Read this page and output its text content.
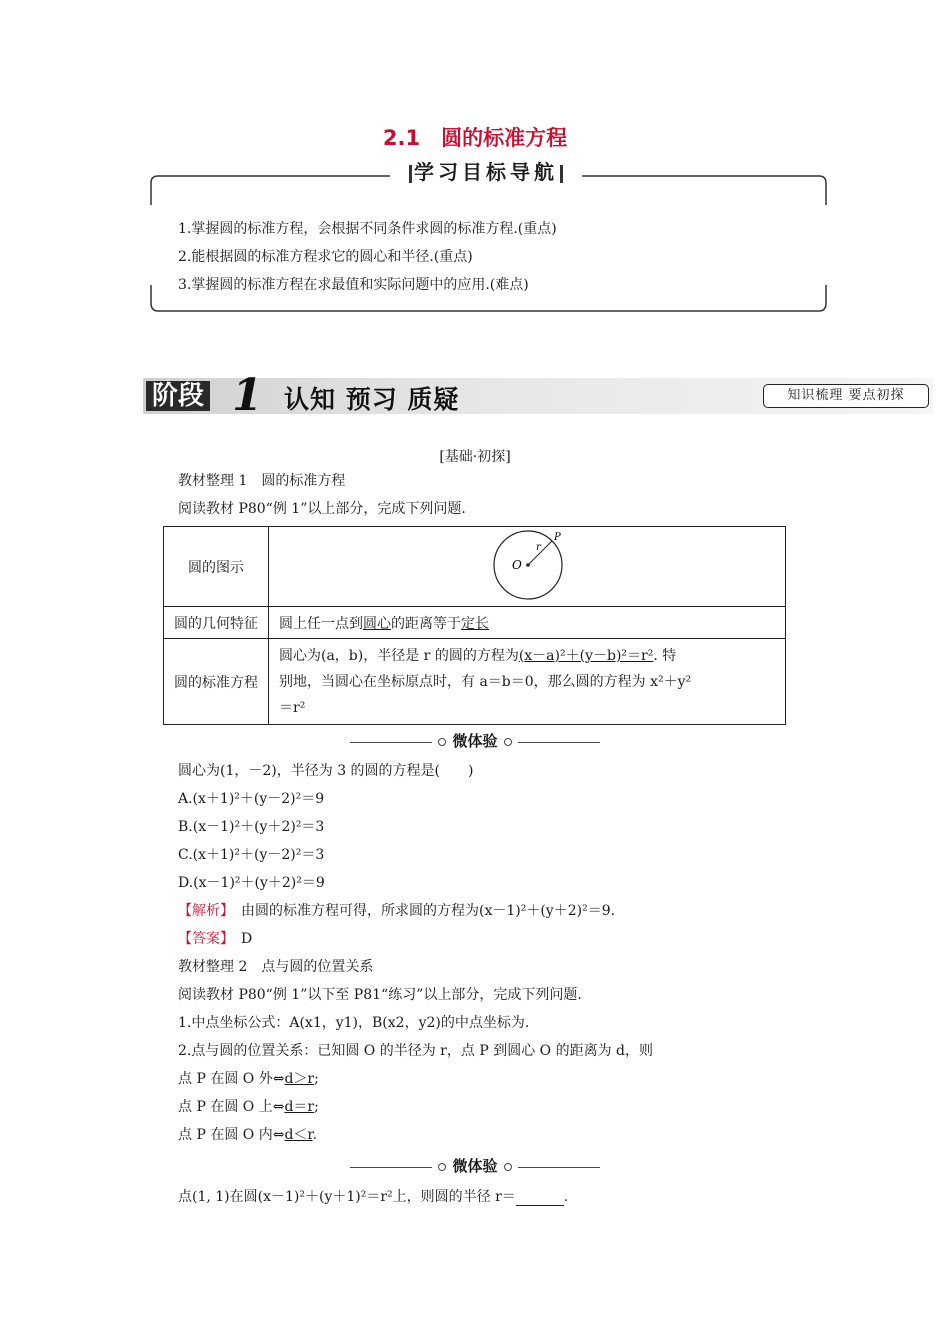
2.1　圆的标准方程
学习目标导航
1.掌握圆的标准方程，会根据不同条件求圆的标准方程.(重点)
2.能根据圆的标准方程求它的圆心和半径.(重点)
3.掌握圆的标准方程在求最值和实际问题中的应用.(难点)
阶段 1 认知 预习 质疑	知识梳理 要点初探
[基础·初探]
教材整理 1　圆的标准方程
阅读教材 P80“例 1”以上部分，完成下列问题.
圆的图示	O
r
P

圆的几何特征	圆上任一点到圆心的距离等于定长
圆的标准方程	圆心为(a，b)，半径是 r 的圆的方程为(x－a)²＋(y－b)²＝r². 特
别地，当圆心在坐标原点时，有 a＝b＝0，那么圆的方程为 x²＋y²
＝r²
微体验
圆心为(1，－2)，半径为 3 的圆的方程是(　　)
A.(x＋1)²＋(y－2)²＝9
B.(x－1)²＋(y＋2)²＝3
C.(x＋1)²＋(y－2)²＝3
D.(x－1)²＋(y＋2)²＝9
【解析】　 由圆的标准方程可得，所求圆的方程为(x－1)²＋(y＋2)²＝9.
【答案】　 D
教材整理 2　点与圆的位置关系
阅读教材 P80“例 1”以下至 P81“练习”以上部分，完成下列问题.
1.中点坐标公式：A(x1，y1)，B(x2，y2)的中点坐标为.
2.点与圆的位置关系：已知圆 O 的半径为 r，点 P 到圆心 O 的距离为 d，则
点 P 在圆 O 外⇔d＞r;
点 P 在圆 O 上⇔d＝r;
点 P 在圆 O 内⇔d＜r.
微体验
点(1, 1)在圆(x－1)²＋(y＋1)²＝r²上，则圆的半径 r＝	.
